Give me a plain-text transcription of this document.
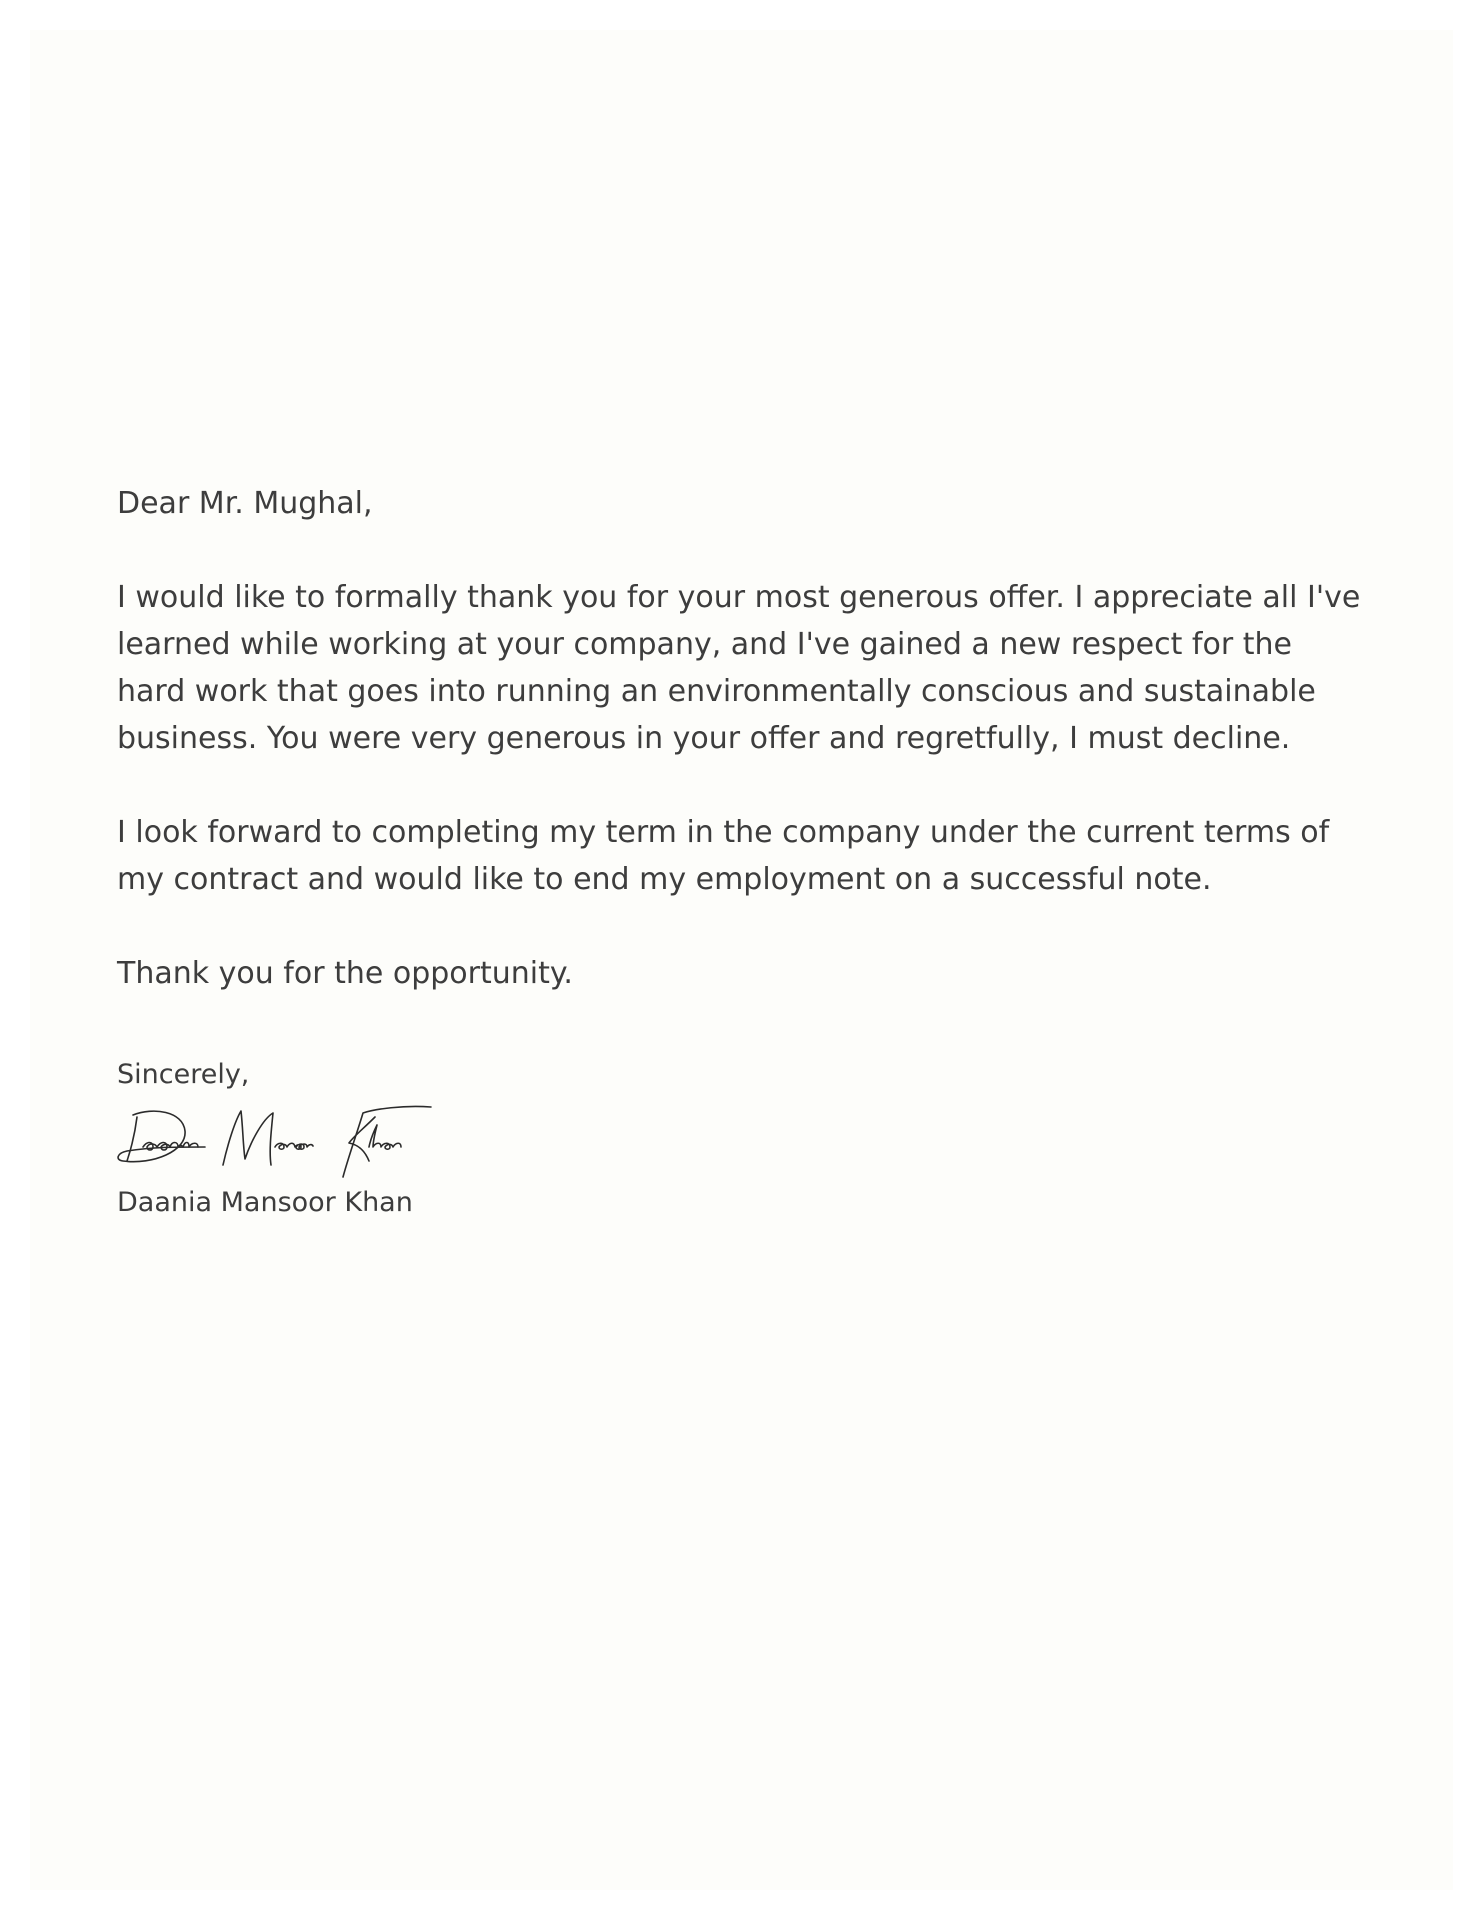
Dear Mr. Mughal,

I would like to formally thank you for your most generous offer. I appreciate all I've learned while working at your company, and I've gained a new respect for the hard work that goes into running an environmentally conscious and sustainable business. You were very generous in your offer and regretfully, I must decline.

I look forward to completing my term in the company under the current terms of my contract and would like to end my employment on a successful note.

Thank you for the opportunity.

Sincerely,

Daania Mansoor Khan
